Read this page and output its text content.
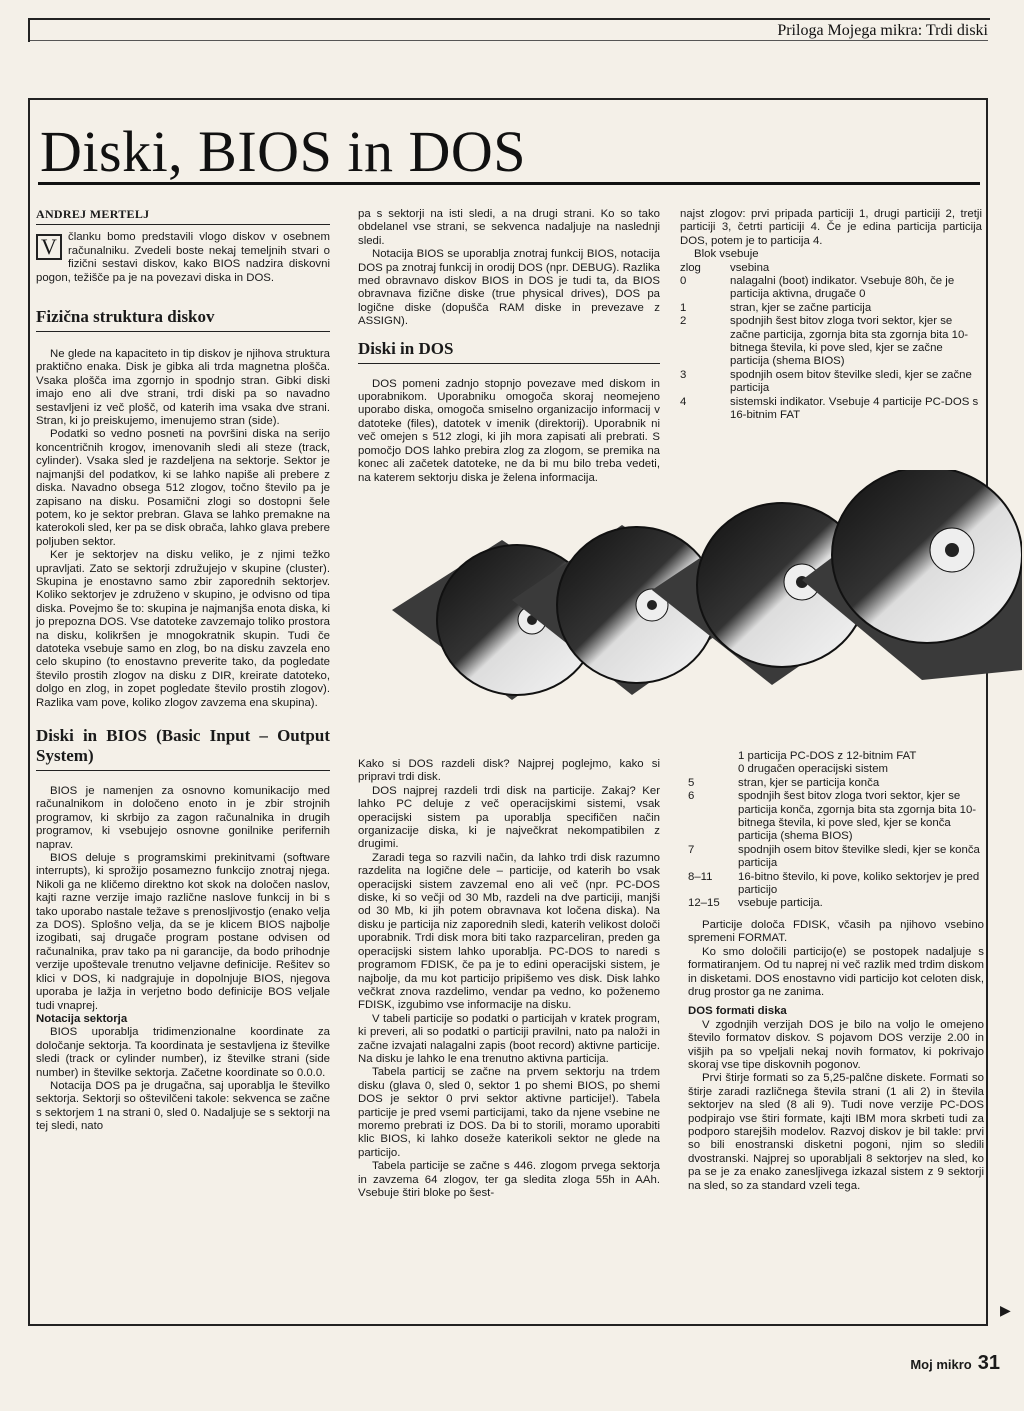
Priloga Mojega mikra: Trdi diski
Diski, BIOS in DOS
ANDREJ MERTELJ

V članku bomo predstavili vlogo diskov v osebnem računalniku. Zvedeli boste nekaj temeljnih stvari o fizični sestavi diskov, kako BIOS nadzira diskovni pogon, težišče pa je na povezavi diska in DOS.

Fizična struktura diskov

Ne glede na kapaciteto in tip diskov je njihova struktura praktično enaka. Disk je gibka ali trda magnetna plošča. Vsaka plošča ima zgornjo in spodnjo stran. Gibki diski imajo eno ali dve strani, trdi diski pa so navadno sestavljeni iz več plošč, od katerih ima vsaka dve strani. Stran, ki jo preiskujemo, imenujemo stran (side).

Podatki so vedno posneti na površini diska na serijo koncentričnih krogov, imenovanih sledi ali steze (track, cylinder). Vsaka sled je razdeljena na sektorje. Sektor je najmanjši del podatkov, ki se lahko napiše ali prebere z diska. Navadno obsega 512 zlogov, točno število pa je zapisano na disku. Posamični zlogi so dostopni šele potem, ko je sektor prebran. Glava se lahko premakne na katerokoli sled, ker pa se disk obrača, lahko glava prebere poljuben sektor.

Ker je sektorjev na disku veliko, je z njimi težko upravljati. Zato se sektorji združujejo v skupine (cluster). Skupina je enostavno samo zbir zaporednih sektorjev. Koliko sektorjev je združeno v skupino, je odvisno od tipa diska. Povejmo še to: skupina je najmanjša enota diska, ki jo prepozna DOS. Vse datoteke zavzemajo toliko prostora na disku, kolikršen je mnogokratnik skupin. Tudi če datoteka vsebuje samo en zlog, bo na disku zavzela eno celo skupino (to enostavno preverite tako, da pogledate število prostih zlogov na disku z DIR, kreirate datoteko, dolgo en zlog, in zopet pogledate število prostih zlogov). Razlika vam pove, koliko zlogov zavzema ena skupina).

Diski in BIOS (Basic Input – Output System)

BIOS je namenjen za osnovno komunikacijo med računalnikom in določeno enoto in je zbir strojnih programov, ki skrbijo za zagon računalnika in drugih programov, ki vsebujejo osnovne gonilnike perifernih naprav.

BIOS deluje s programskimi prekinitvami (software interrupts), ki sprožijo posamezno funkcijo znotraj njega. Nikoli ga ne kličemo direktno kot skok na določen naslov, kajti razne verzije imajo različne naslove funkcij in bi s tako uporabo nastale težave s prenosljivostjo (enako velja za DOS). Splošno velja, da se je klicem BIOS najbolje izogibati, saj drugače program postane odvisen od računalnika, prav tako pa ni garancije, da bodo prihodnje verzije upoštevale trenutno veljavne definicije. Rešitev so klici v DOS, ki nadgrajuje in dopolnjuje BIOS, njegova uporaba je lažja in verjetno bodo definicije BOS veljale tudi vnaprej.

Notacija sektorja

BIOS uporablja tridimenzionalne koordinate za določanje sektorja. Ta koordinata je sestavljena iz številke sledi (track or cylinder number), iz številke strani (side number) in številke sektorja. Začetne koordinate so 0.0.0.

Notacija DOS pa je drugačna, saj uporablja le številko sektorja. Sektorji so oštevilčeni takole: sekvenca se začne s sektorjem 1 na strani 0, sled 0. Nadaljuje se s sektorji na tej sledi, nato

pa s sektorji na isti sledi, a na drugi strani. Ko so tako obdelanel vse strani, se sekvenca nadaljuje na naslednji sledi.

Notacija BIOS se uporablja znotraj funkcij BIOS, notacija DOS pa znotraj funkcij in orodij DOS (npr. DEBUG). Razlika med obravnavo diskov BIOS in DOS je tudi ta, da BIOS obravnava fizične diske (true physical drives), DOS pa logične diske (dopušča RAM diske in prevezave z ASSIGN).

Diski in DOS

DOS pomeni zadnjo stopnjo povezave med diskom in uporabnikom. Uporabniku omogoča skoraj neomejeno uporabo diska, omogoča smiselno organizacijo informacij v datoteke (files), datotek v imenik (direktorij). Uporabnik ni več omejen s 512 zlogi, ki jih mora zapisati ali prebrati. S pomočjo DOS lahko prebira zlog za zlogom, se premika na konec ali začetek datoteke, ne da bi mu bilo treba vedeti, na katerem sektorju diska je želena informacija.

najst zlogov: prvi pripada particiji 1, drugi particiji 2, tretji particiji 3, četrti particiji 4. Če je edina particija particija DOS, potem je to particija 4.

Blok vsebuje

zlog	vsebina
0	nalagalni (boot) indikator. Vsebuje 80h, če je particija aktivna, drugače 0
1	stran, kjer se začne particija
2	spodnjih šest bitov zloga tvori sektor, kjer se začne particija, zgornja bita sta zgornja bita 10-bitnega števila, ki pove sled, kjer se začne particija (shema BIOS)
3	spodnjih osem bitov številke sledi, kjer se začne particija
4	sistemski indikator. Vsebuje 4 particije PC-DOS s 16-bitnim FAT

Kako si DOS razdeli disk? Najprej poglejmo, kako si pripravi trdi disk.

DOS najprej razdeli trdi disk na particije. Zakaj? Ker lahko PC deluje z več operacijskimi sistemi, vsak operacijski sistem pa uporablja specifičen način organizacije diska, ki je največkrat nekompatibilen z drugimi.

Zaradi tega so razvili način, da lahko trdi disk razumno razdelita na logične dele – particije, od katerih bo vsak operacijski sistem zavzemal eno ali več (npr. PC-DOS diske, ki so večji od 30 Mb, razdeli na dve particiji, manjši od 30 Mb, ki jih potem obravnava kot ločena diska). Na disku je particija niz zaporednih sledi, katerih velikost določi uporabnik. Trdi disk mora biti tako razparceliran, preden ga operacijski sistem lahko uporablja. PC-DOS to naredi s programom FDISK, če pa je to edini operacijski sistem, je najbolje, da mu kot particijo pripišemo ves disk. Disk lahko večkrat znova razdelimo, vendar pa vedno, ko poženemo FDISK, izgubimo vse informacije na disku.

V tabeli particije so podatki o particijah v kratek program, ki preveri, ali so podatki o particiji pravilni, nato pa naloži in začne izvajati nalagalni zapis (boot record) aktivne particije. Na disku je lahko le ena trenutno aktivna particija.

Tabela particij se začne na prvem sektorju na trdem disku (glava 0, sled 0, sektor 1 po shemi BIOS, po shemi DOS je sektor 0 prvi sektor aktivne particije!). Tabela particije je pred vsemi particijami, tako da njene vsebine ne moremo prebrati iz DOS. Da bi to storili, moramo uporabiti klic BIOS, ki lahko doseže katerikoli sektor ne glede na particijo.

Tabela particije se začne s 446. zlogom prvega sektorja in zavzema 64 zlogov, ter ga sledita zloga 55h in AAh. Vsebuje štiri bloke po šest-

	1 particija PC-DOS z 12-bitnim FAT
	0 drugačen operacijski sistem
5	stran, kjer se particija konča
6	spodnjih šest bitov zloga tvori sektor, kjer se particija konča, zgornja bita sta zgornja bita 10-bitnega števila, ki pove sled, kjer se konča particija (shema BIOS)
7	spodnjih osem bitov številke sledi, kjer se konča particija
8–11	16-bitno število, ki pove, koliko sektorjev je pred particijo
12–15	vsebuje particija.

Particije določa FDISK, včasih pa njihovo vsebino spremeni FORMAT.

Ko smo določili particijo(e) se postopek nadaljuje s formatiranjem. Od tu naprej ni več razlik med trdim diskom in disketami. DOS enostavno vidi particijo kot celoten disk, drug prostor ga ne zanima.

DOS formati diska

V zgodnjih verzijah DOS je bilo na voljo le omejeno število formatov diskov. S pojavom DOS verzije 2.00 in višjih pa so vpeljali nekaj novih formatov, ki pokrivajo skoraj vse tipe diskovnih pogonov.

Prvi štirje formati so za 5,25-palčne diskete. Formati so štirje zaradi različnega števila strani (1 ali 2) in števila sektorjev na sled (8 ali 9). Tudi nove verzije PC-DOS podpirajo vse štiri formate, kajti IBM mora skrbeti tudi za podporo starejših modelov. Razvoj diskov je bil takle: prvi so bili enostranski disketni pogoni, njim so sledili dvostranski. Najprej so uporabljali 8 sektorjev na sled, ko pa se je za enako zanesljivega izkazal sistem z 9 sektorji na sled, so za standard vzeli tega.

▶
Moj mikro 31
